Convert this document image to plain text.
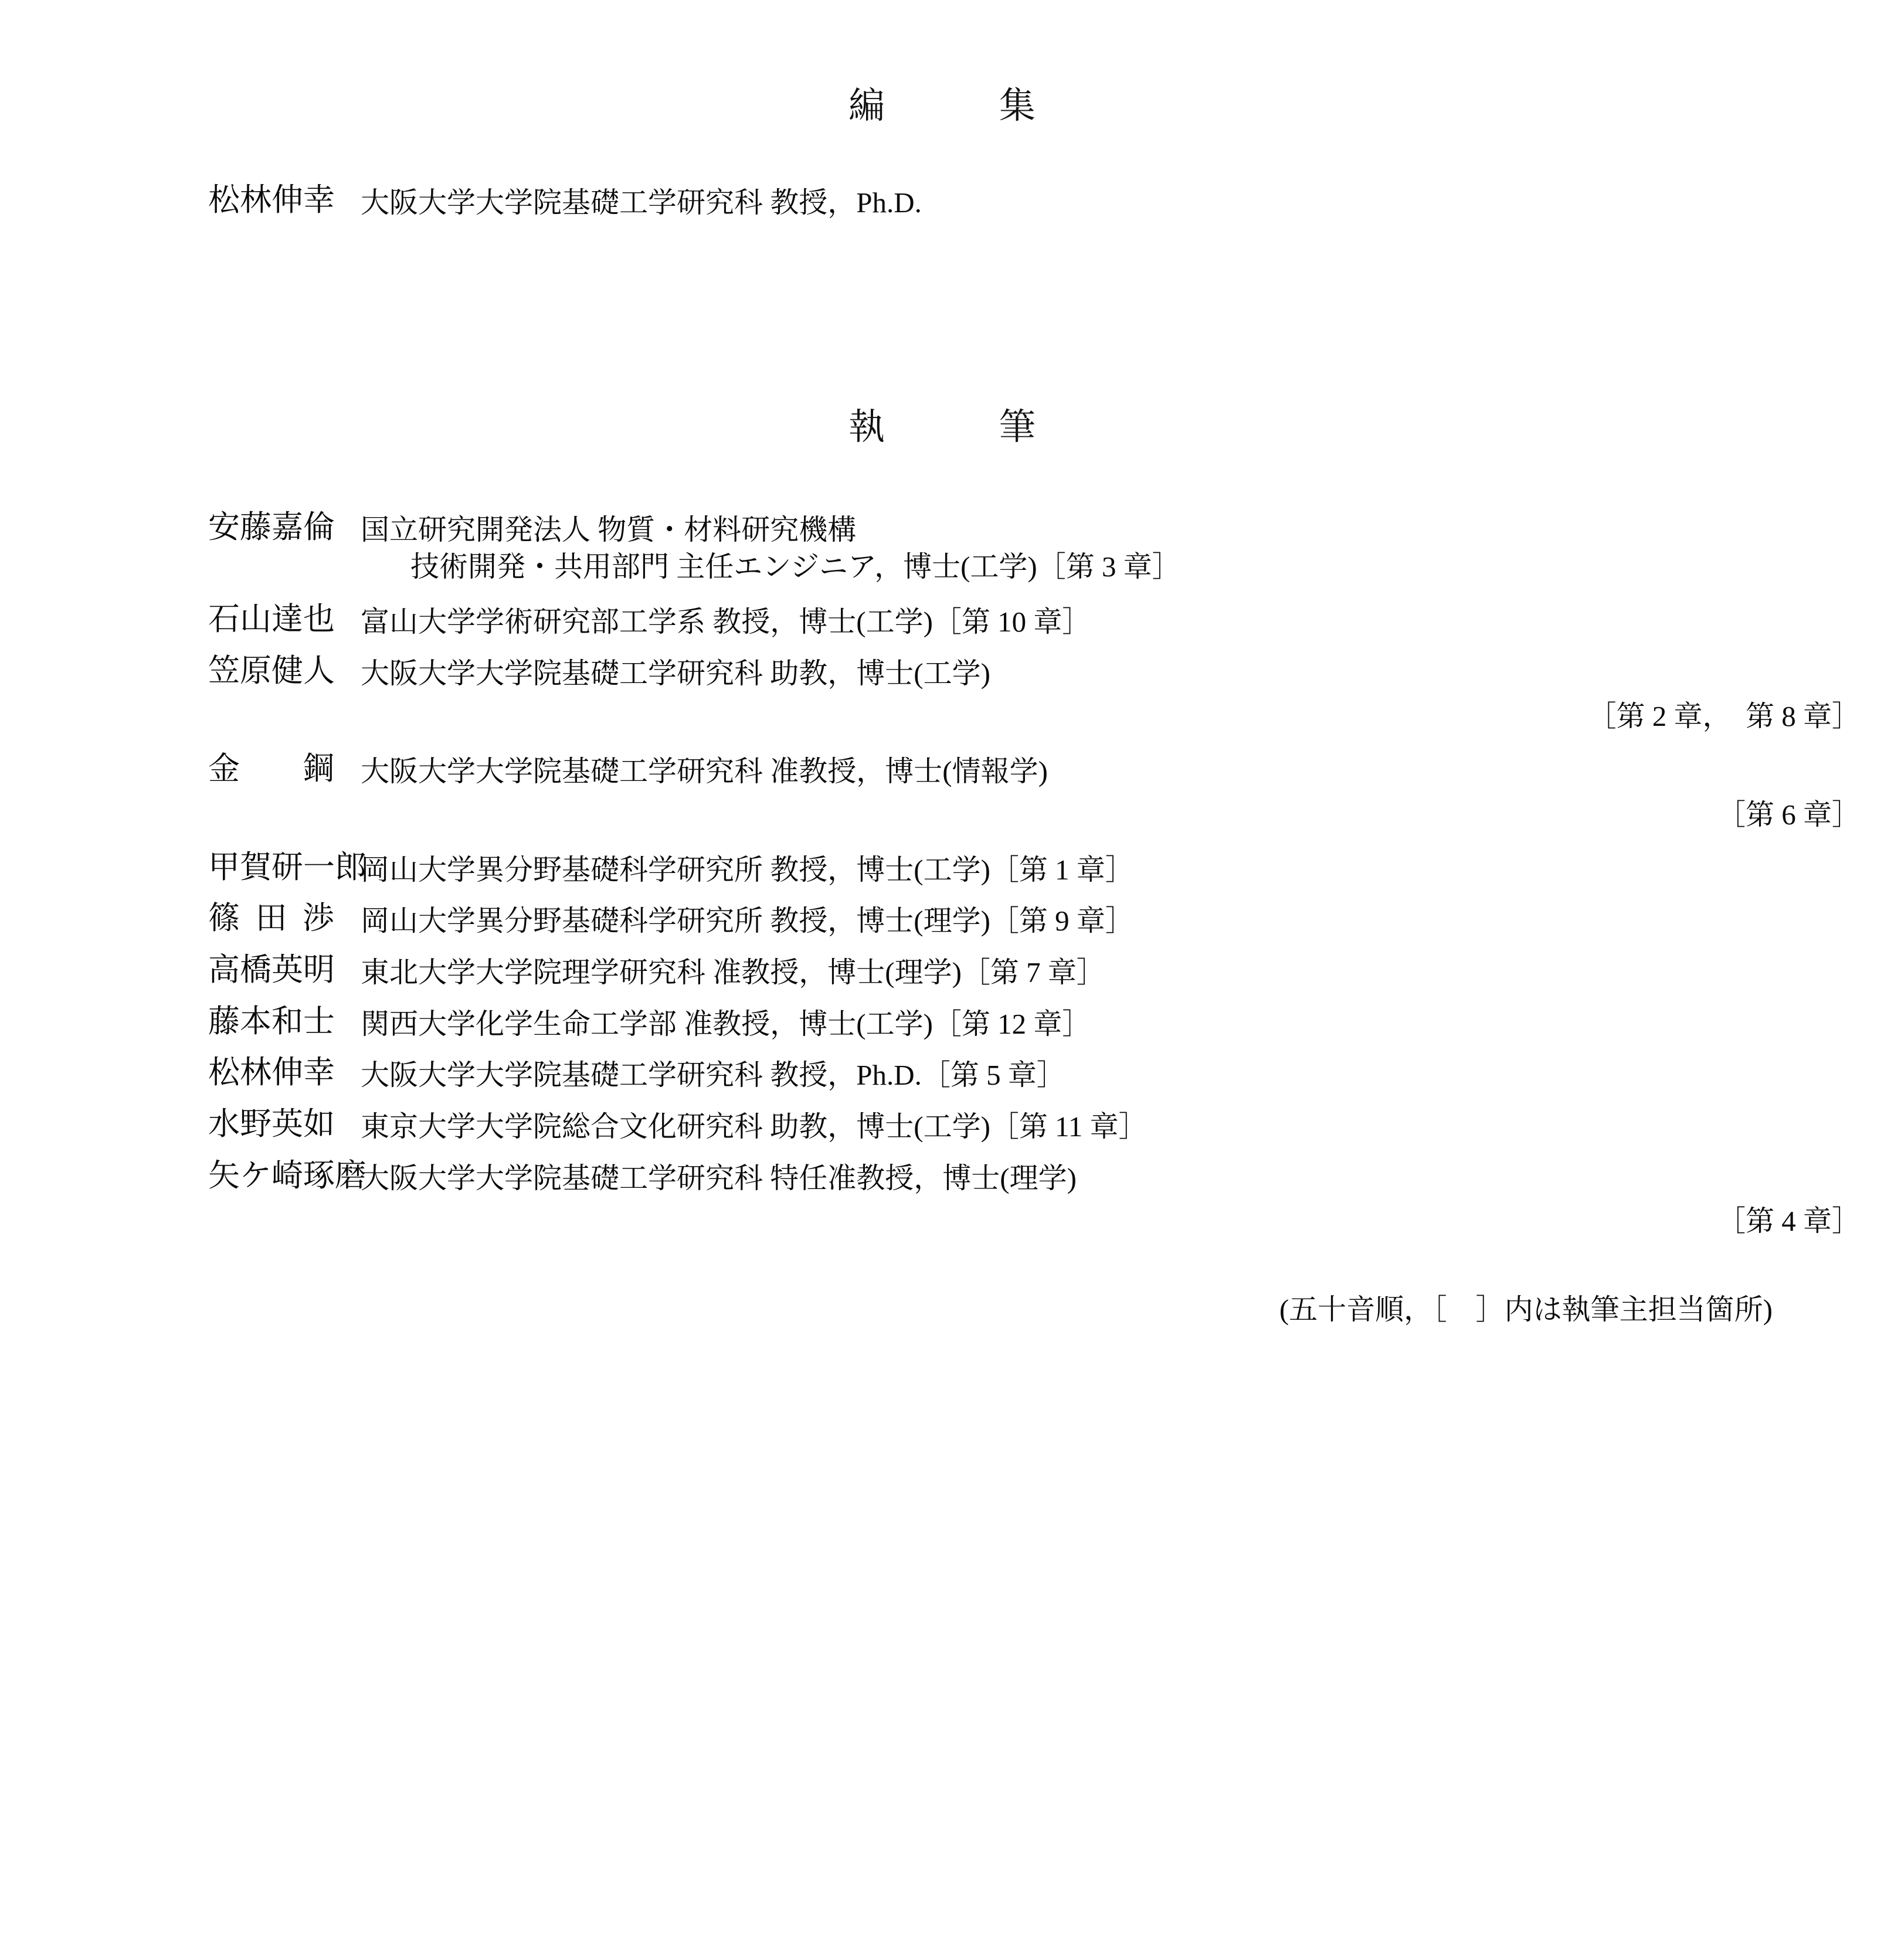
編　　集
松 林 伸 幸 大阪大学大学院基礎工学研究科 教授，Ph.D.
執　　筆
安 藤 嘉 倫 国立研究開発法人 物質・材料研究機構
技術開発・共用部門 主任エンジニア，博士(工学)［第 3 章］
石 山 達 也 富山大学学術研究部工学系 教授，博士(工学)［第 10 章］
笠 原 健 人 大阪大学大学院基礎工学研究科 助教，博士(工学)
［第 2 章，　第 8 章］
金 鋼 大阪大学大学院基礎工学研究科 准教授，博士(情報学)
［第 6 章］
甲 賀 研 一 郎
岡山大学異分野基礎科学研究所 教授，博士(工学)［第 1 章］
篠 田 渉 岡山大学異分野基礎科学研究所 教授，博士(理学)［第 9 章］
高 橋 英 明 東北大学大学院理学研究科 准教授，博士(理学)［第 7 章］
藤 本 和 士 関西大学化学生命工学部 准教授，博士(工学)［第 12 章］
松 林 伸 幸 大阪大学大学院基礎工学研究科 教授，Ph.D.［第 5 章］
水 野 英 如 東京大学大学院総合文化研究科 助教，博士(工学)［第 11 章］
矢 ケ 崎 琢 磨
大阪大学大学院基礎工学研究科 特任准教授，博士(理学)
［第 4 章］
(五十音順，［　］内は執筆主担当箇所)
